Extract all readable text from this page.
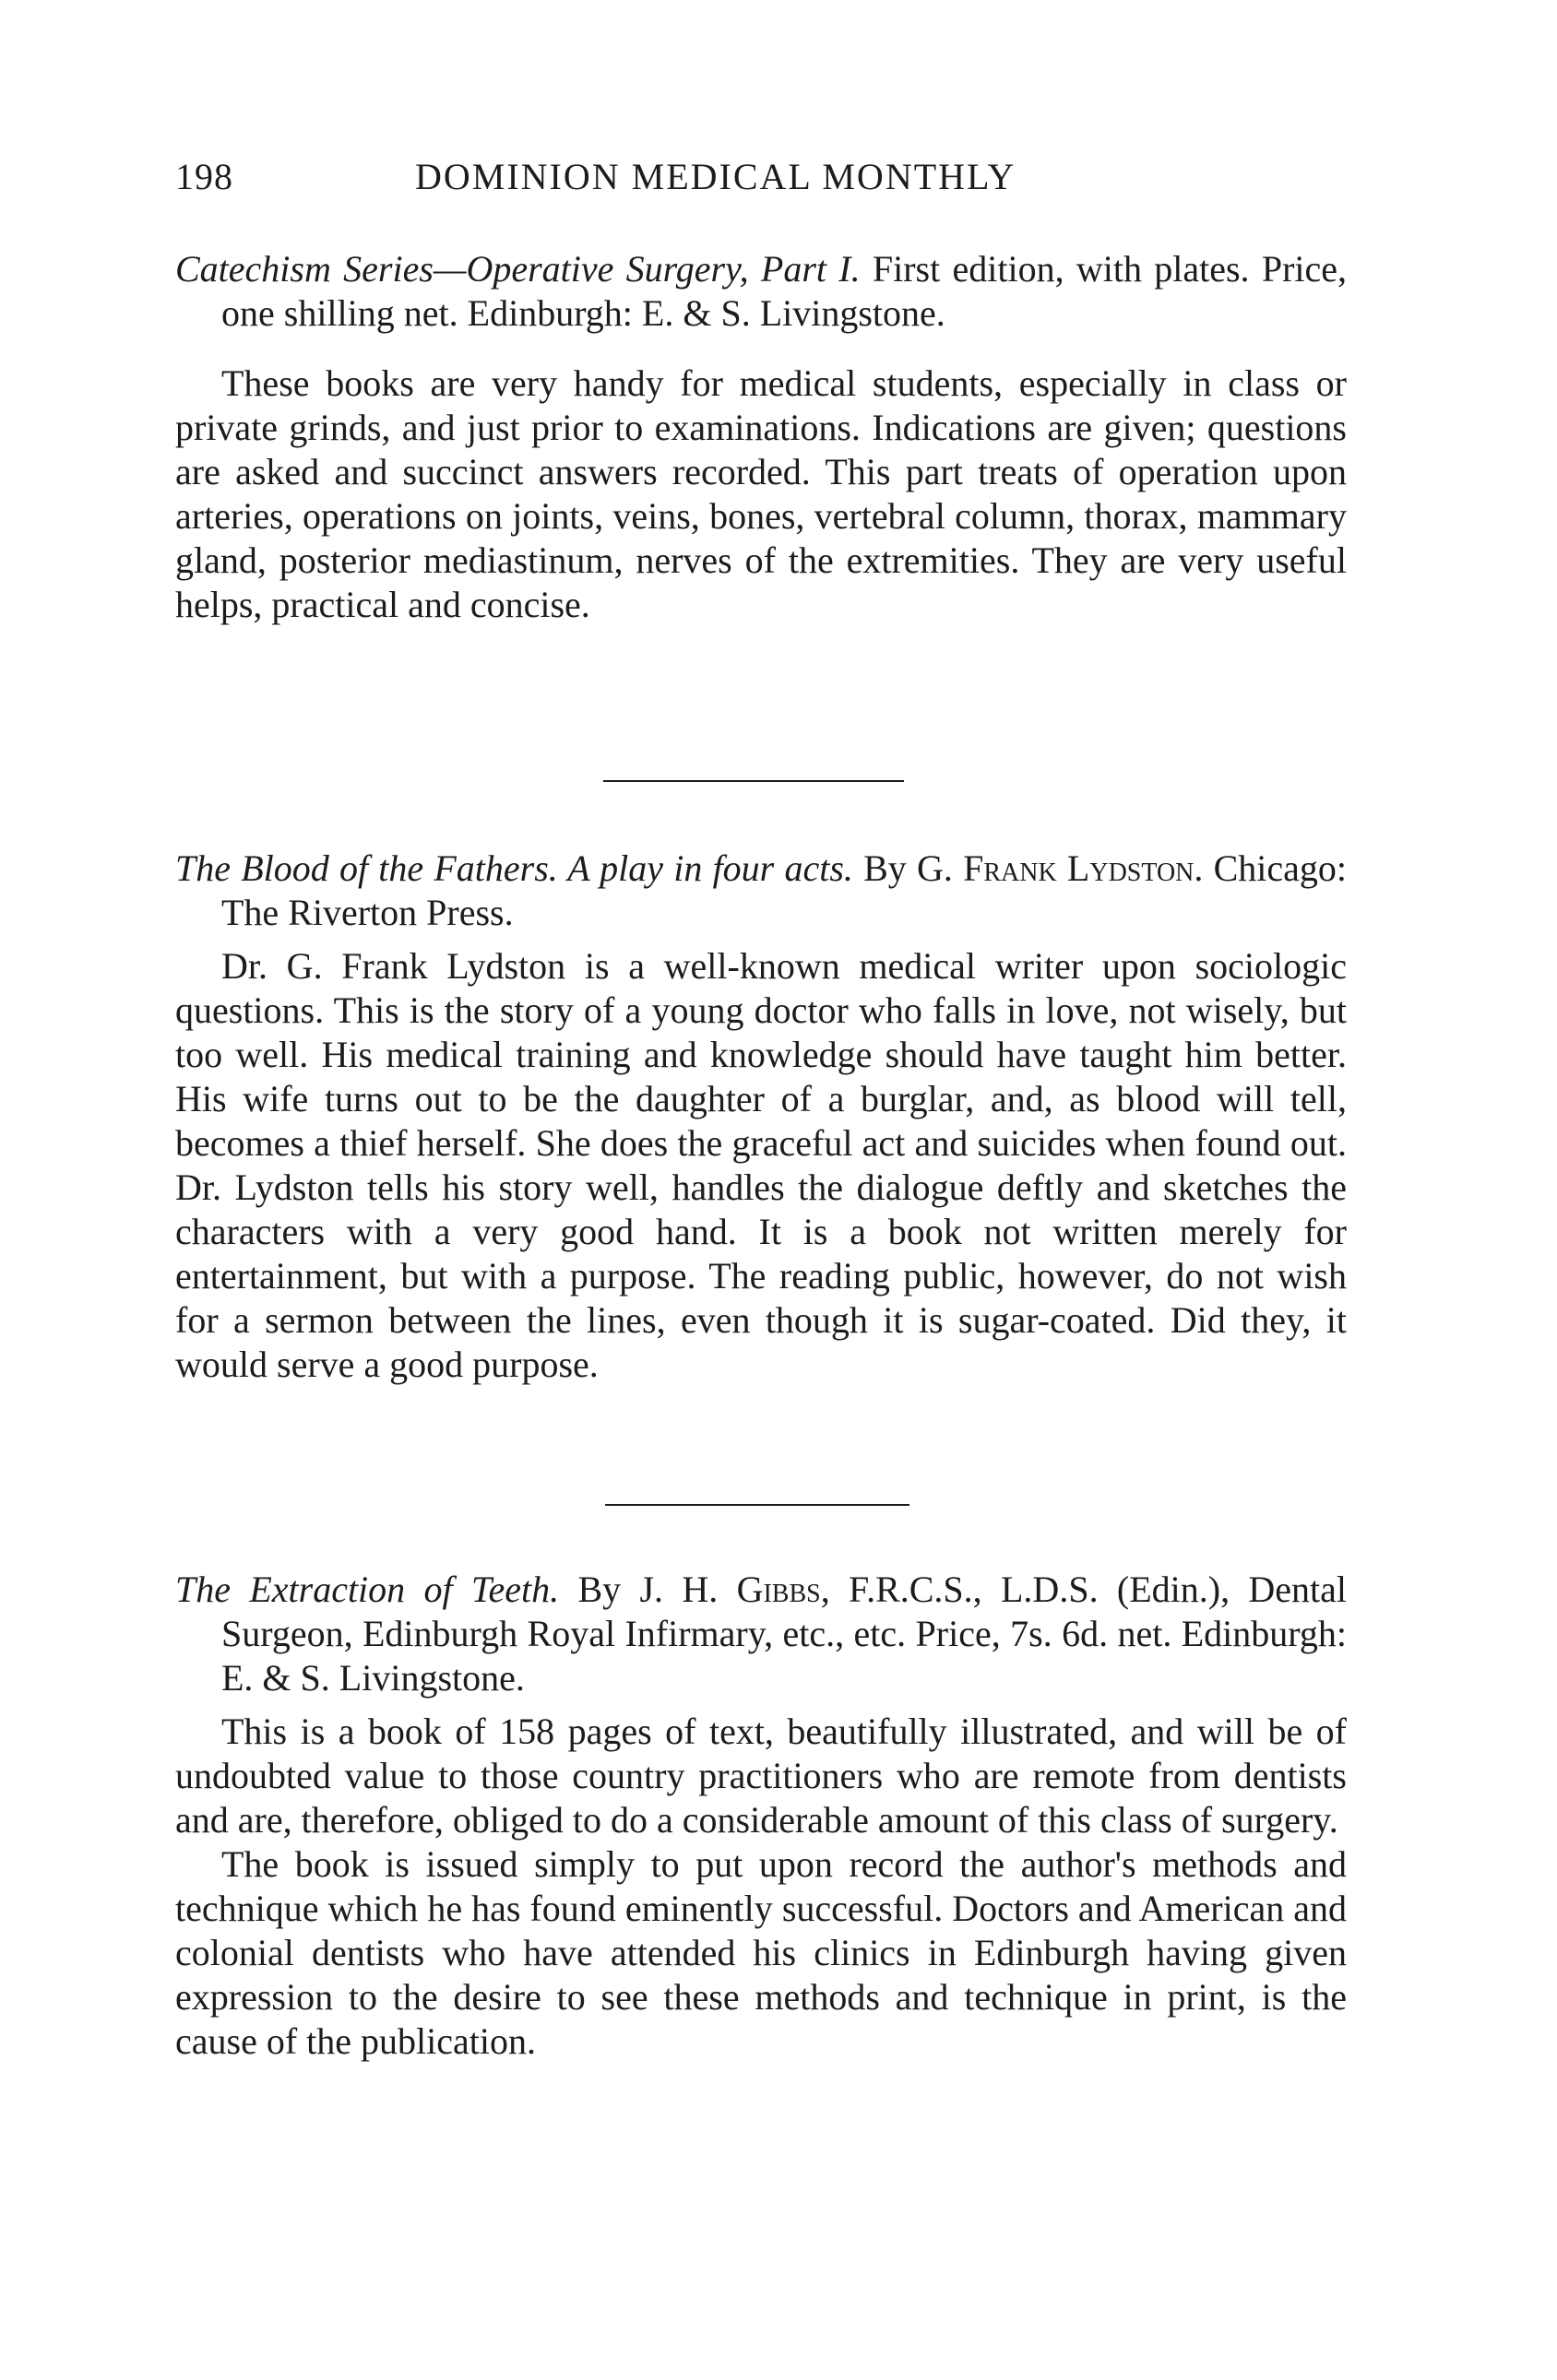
198	DOMINION MEDICAL MONTHLY

Catechism Series—Operative Surgery, Part I. First edition, with plates. Price, one shilling net. Edinburgh: E. & S. Livingstone.

These books are very handy for medical students, especially in class or private grinds, and just prior to examinations. Indications are given; questions are asked and succinct answers recorded. This part treats of operation upon arteries, operations on joints, veins, bones, vertebral column, thorax, mammary gland, posterior mediastinum, nerves of the extremities. They are very useful helps, practical and concise.

The Blood of the Fathers. A play in four acts. By G. Frank Lydston. Chicago: The Riverton Press.

Dr. G. Frank Lydston is a well-known medical writer upon sociologic questions. This is the story of a young doctor who falls in love, not wisely, but too well. His medical training and knowledge should have taught him better. His wife turns out to be the daughter of a burglar, and, as blood will tell, becomes a thief herself. She does the graceful act and suicides when found out. Dr. Lydston tells his story well, handles the dialogue deftly and sketches the characters with a very good hand. It is a book not written merely for entertainment, but with a purpose. The reading public, however, do not wish for a sermon between the lines, even though it is sugar-coated. Did they, it would serve a good purpose.

The Extraction of Teeth. By J. H. Gibbs, F.R.C.S., L.D.S. (Edin.), Dental Surgeon, Edinburgh Royal Infirmary, etc., etc. Price, 7s. 6d. net. Edinburgh: E. & S. Livingstone.

This is a book of 158 pages of text, beautifully illustrated, and will be of undoubted value to those country practitioners who are remote from dentists and are, therefore, obliged to do a considerable amount of this class of surgery.

The book is issued simply to put upon record the author's methods and technique which he has found eminently successful. Doctors and American and colonial dentists who have attended his clinics in Edinburgh having given expression to the desire to see these methods and technique in print, is the cause of the publication.
